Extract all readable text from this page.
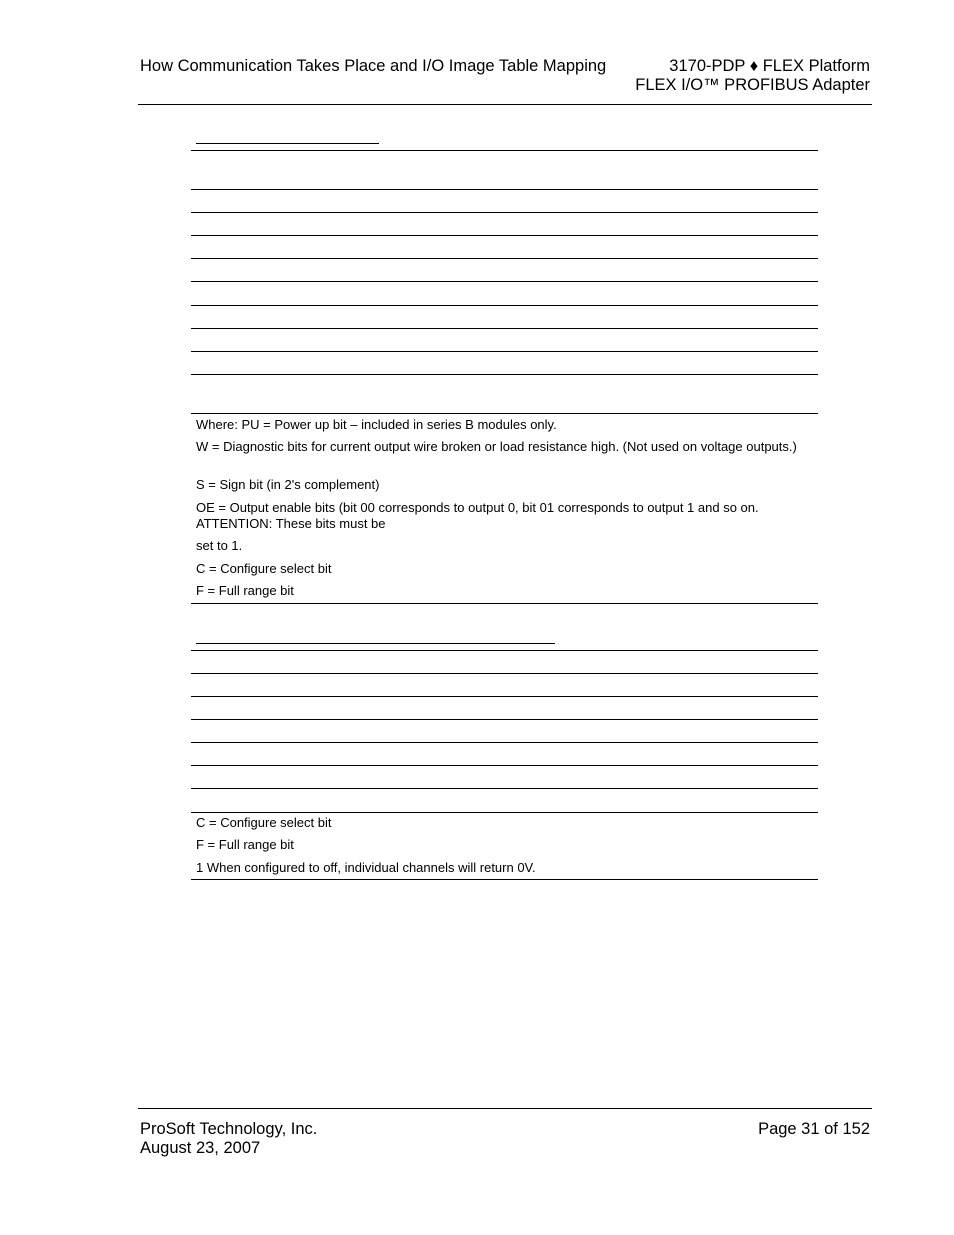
How Communication Takes Place and I/O Image Table Mapping	3170-PDP ♦ FLEX Platform
FLEX I/O™ PROFIBUS Adapter
Where: PU = Power up bit – included in series B modules only.
W = Diagnostic bits for current output wire broken or load resistance high. (Not used on voltage outputs.)
S = Sign bit (in 2's complement)
OE = Output enable bits (bit 00 corresponds to output 0, bit 01 corresponds to output 1 and so on. ATTENTION: These bits must be
set to 1.
C = Configure select bit
F = Full range bit
C = Configure select bit
F = Full range bit
1 When configured to off, individual channels will return 0V.
ProSoft Technology, Inc.
August 23, 2007
Page 31 of 152
